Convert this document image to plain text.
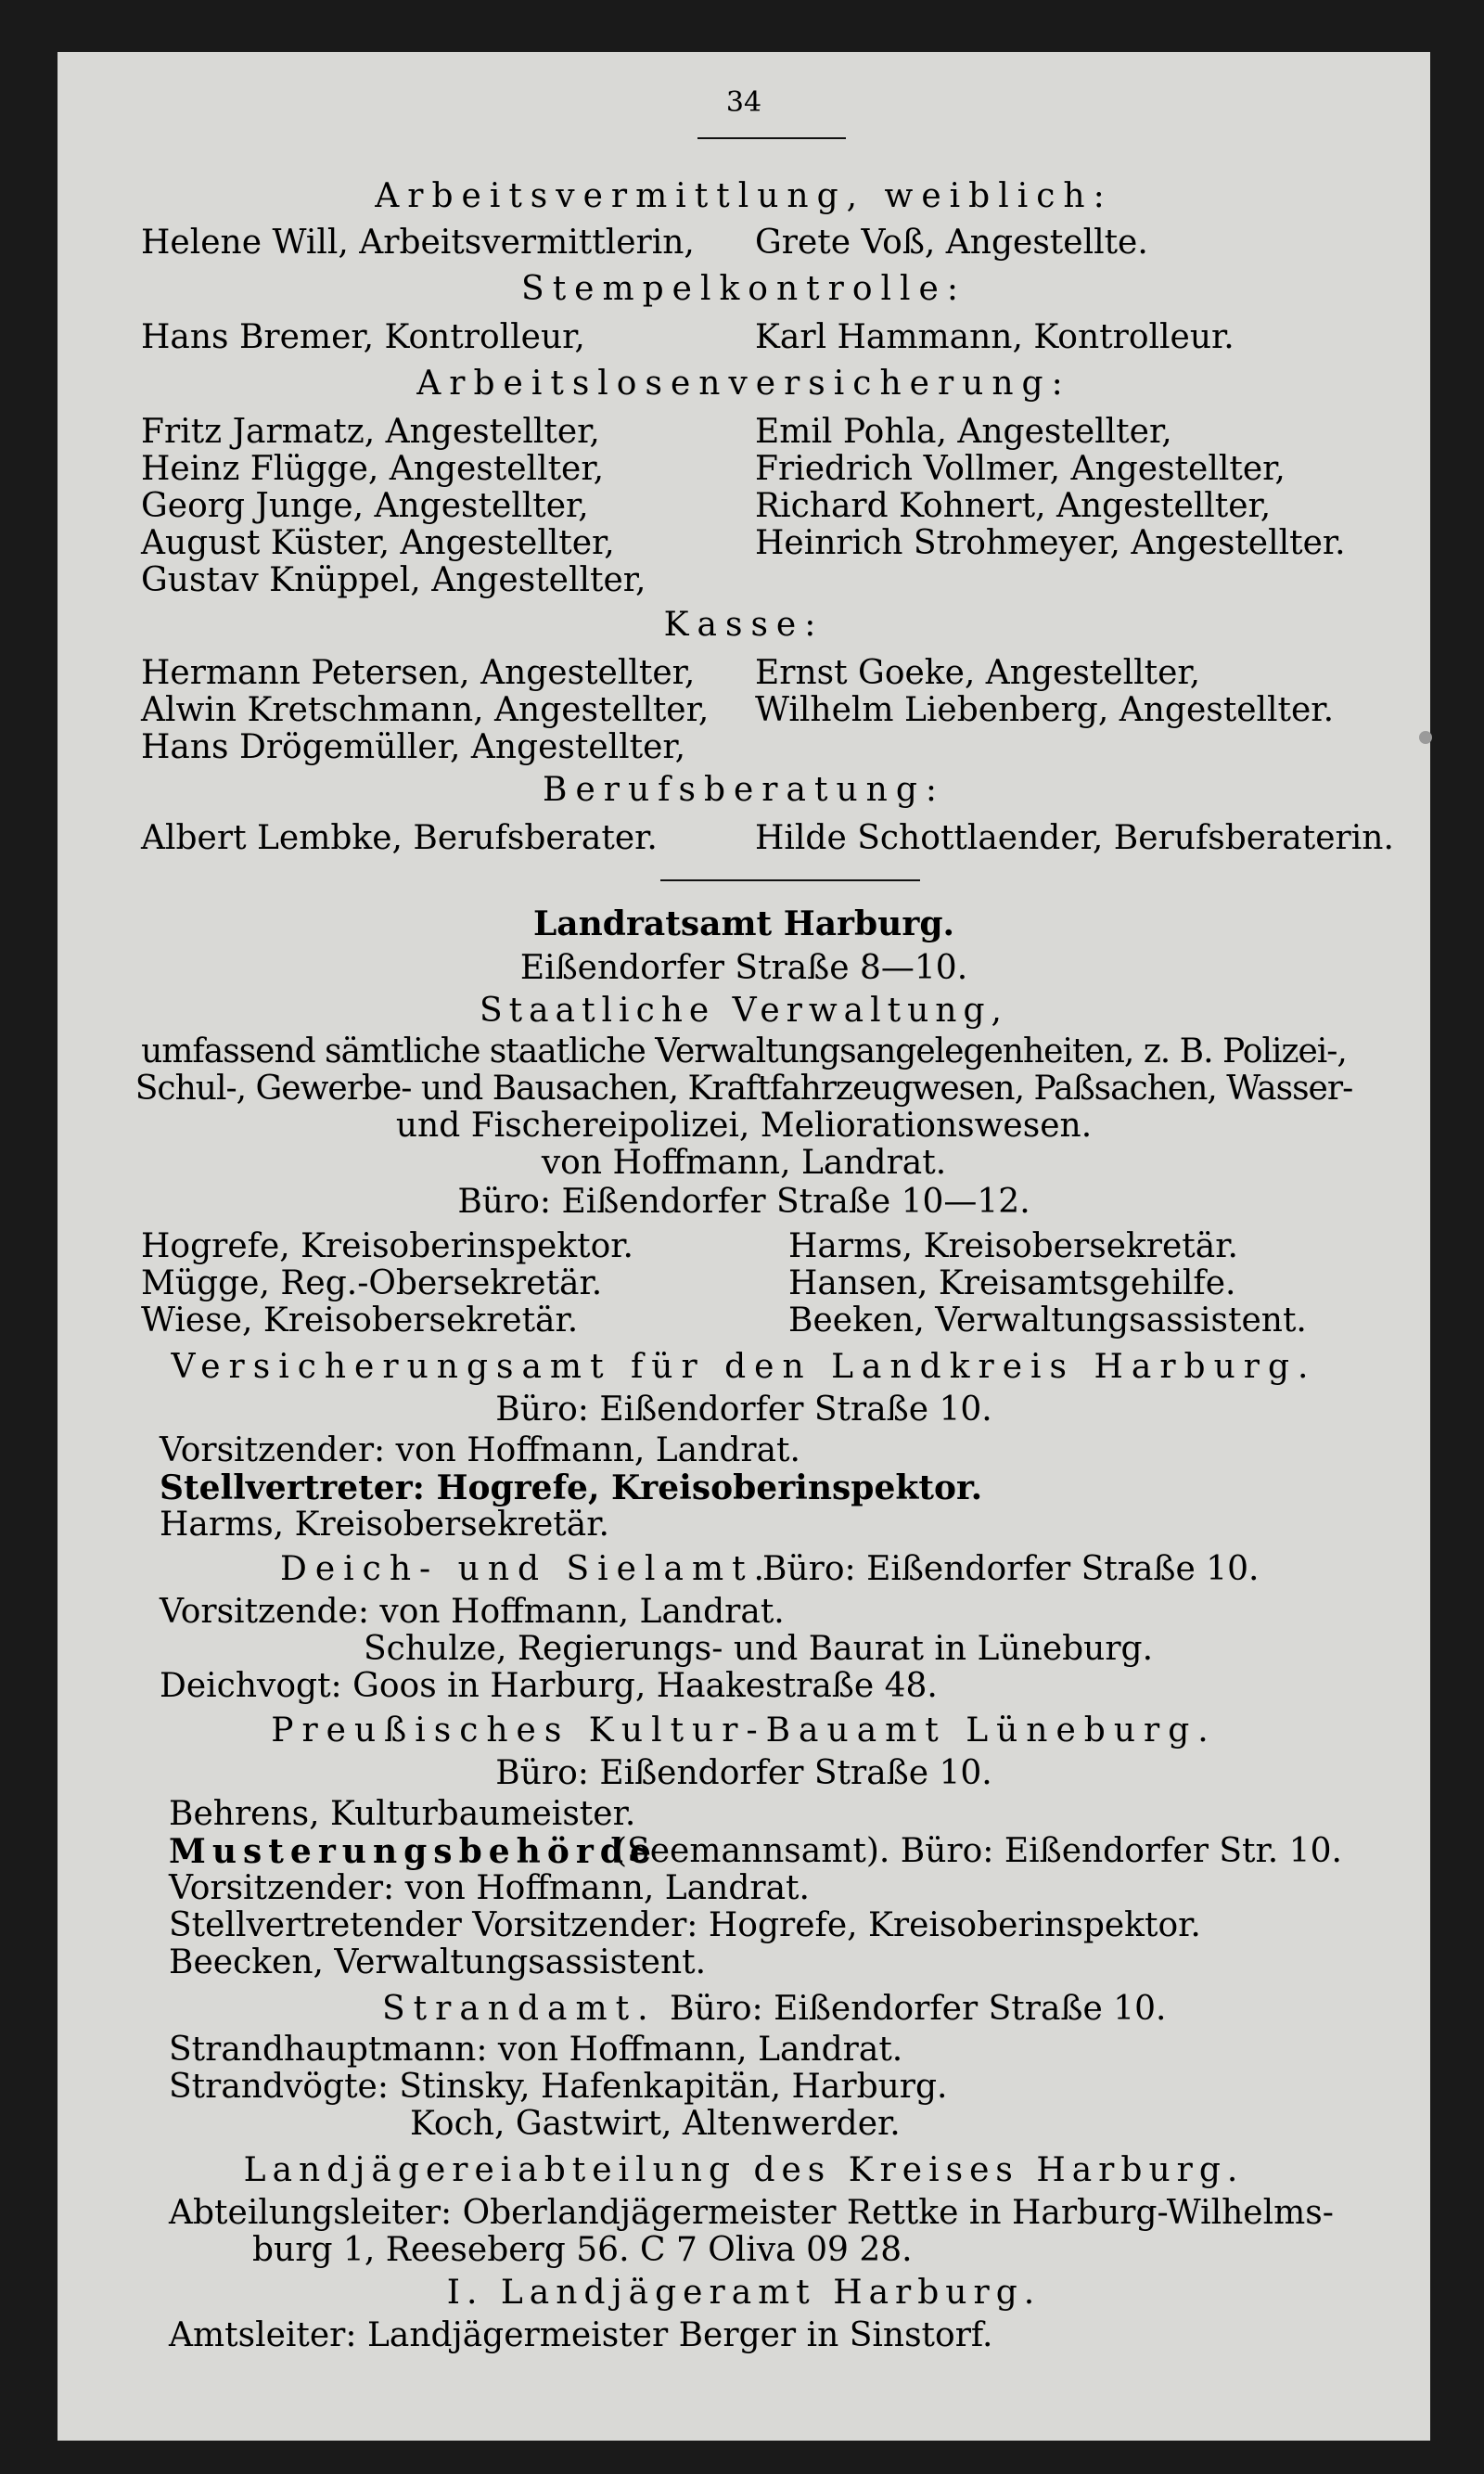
34
Arbeitsvermittlung, weiblich:
Helene Will, Arbeitsvermittlerin, Grete Voß, Angestellte.
Stempelkontrolle:
Hans Bremer, Kontrolleur,	Karl Hammann, Kontrolleur.
Arbeitslosenversicherung:
Fritz Jarmatz, Angestellter,
Heinz Flügge, Angestellter,
Georg Junge, Angestellter,
August Küster, Angestellter,
Gustav Knüppel, Angestellter,
Emil Pohla, Angestellter,
Friedrich Vollmer, Angestellter,
Richard Kohnert, Angestellter,
Heinrich Strohmeyer, Angestellter.
Kasse:
Hermann Petersen, Angestellter,
Alwin Kretschmann, Angestellter,
Hans Drögemüller, Angestellter,
Ernst Goeke, Angestellter,
Wilhelm Liebenberg, Angestellter.
Berufsberatung:
Albert Lembke, Berufsberater.	Hilde Schottlaender, Berufsberaterin.
Landratsamt Harburg.
Eißendorfer Straße 8—10.
Staatliche Verwaltung,
umfassend sämtliche staatliche Verwaltungsangelegenheiten, z. B. Polizei-,
Schul-, Gewerbe- und Bausachen, Kraftfahrzeugwesen, Paßsachen, Wasser-
und Fischereipolizei, Meliorationswesen.
von Hoffmann, Landrat.
Büro: Eißendorfer Straße 10—12.
Hogrefe, Kreisoberinspektor.
Mügge, Reg.-Obersekretär.
Wiese, Kreisobersekretär.
Harms, Kreisobersekretär.
Hansen, Kreisamtsgehilfe.
Beeken, Verwaltungsassistent.
Versicherungsamt für den Landkreis Harburg.
Büro: Eißendorfer Straße 10.
Vorsitzender: von Hoffmann, Landrat.
Stellvertreter: Hogrefe, Kreisoberinspektor.
Harms, Kreisobersekretär.
Deich- und Sielamt.
Büro: Eißendorfer Straße 10.
Vorsitzende: von Hoffmann, Landrat.
Schulze, Regierungs- und Baurat in Lüneburg.
Deichvogt: Goos in Harburg, Haakestraße 48.
Preußisches Kultur-Bauamt Lüneburg.
Büro: Eißendorfer Straße 10.
Behrens, Kulturbaumeister.
Musterungsbehörde
(Seemannsamt). Büro: Eißendorfer Str. 10.
Vorsitzender: von Hoffmann, Landrat.
Stellvertretender Vorsitzender: Hogrefe, Kreisoberinspektor.
Beecken, Verwaltungsassistent.
Strandamt. Büro: Eißendorfer Straße 10.
Strandhauptmann: von Hoffmann, Landrat.
Strandvögte: Stinsky, Hafenkapitän, Harburg.
Koch, Gastwirt, Altenwerder.
Landjägereiabteilung des Kreises Harburg.
Abteilungsleiter: Oberlandjägermeister Rettke in Harburg-Wilhelms-
burg 1, Reeseberg 56. C 7 Oliva 09 28.
I. Landjägeramt Harburg.
Amtsleiter: Landjägermeister Berger in Sinstorf.
